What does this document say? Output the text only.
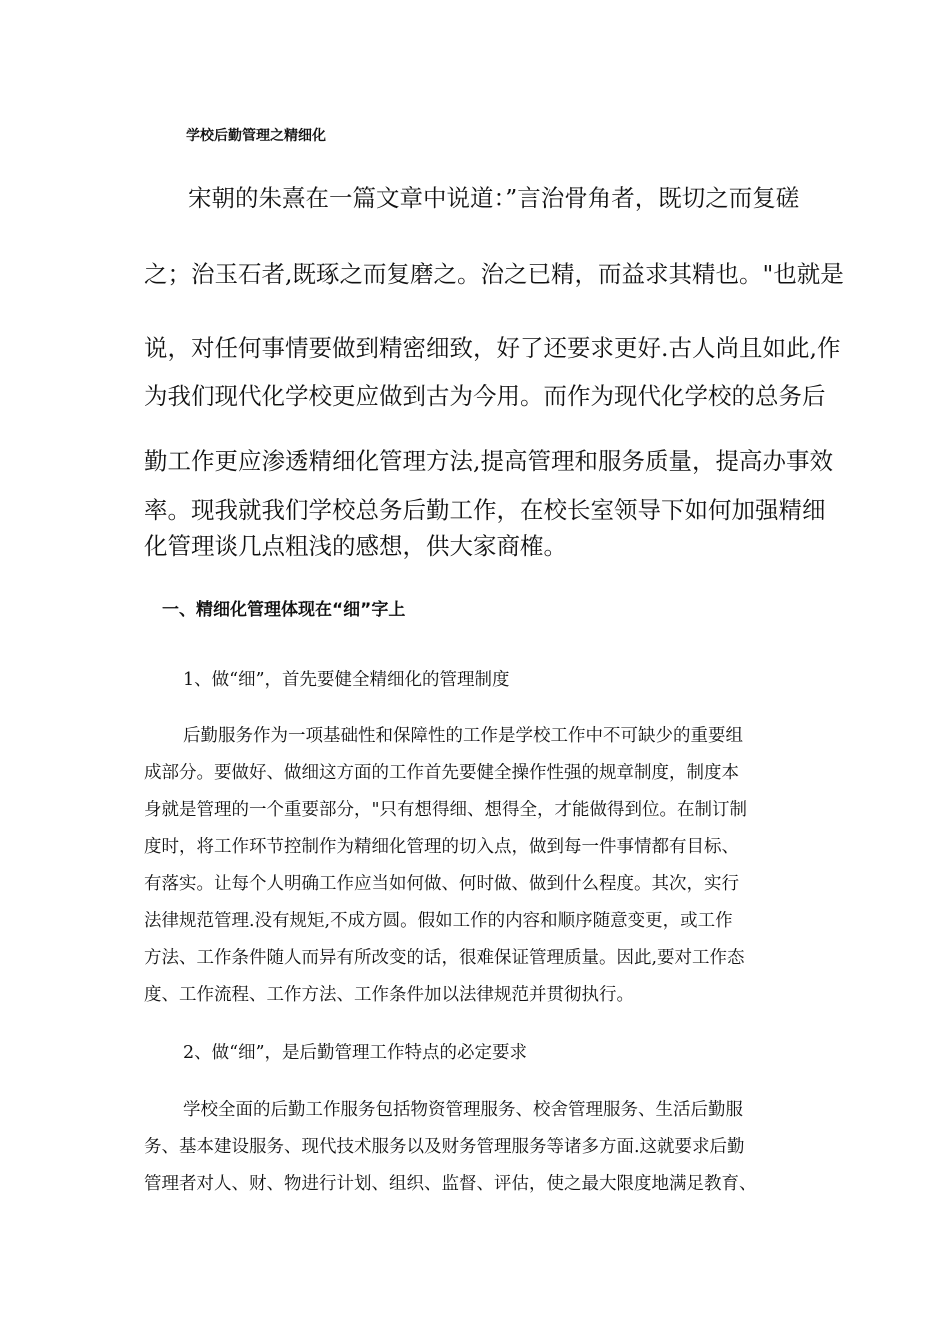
学校后勤管理之精细化
宋朝的朱熹在一篇文章中说道：”言治骨角者，既切之而复磋
之；治玉石者,既琢之而复磨之。治之已精，而益求其精也。"也就是
说，对任何事情要做到精密细致，好了还要求更好.古人尚且如此,作
为我们现代化学校更应做到古为今用。而作为现代化学校的总务后
勤工作更应渗透精细化管理方法,提高管理和服务质量，提高办事效
率。现我就我们学校总务后勤工作，在校长室领导下如何加强精细
化管理谈几点粗浅的感想，供大家商榷。
一、精细化管理体现在“细”字上
1、做“细”，首先要健全精细化的管理制度
后勤服务作为一项基础性和保障性的工作是学校工作中不可缺少的重要组
成部分。要做好、做细这方面的工作首先要健全操作性强的规章制度，制度本
身就是管理的一个重要部分，"只有想得细、想得全，才能做得到位。在制订制
度时，将工作环节控制作为精细化管理的切入点，做到每一件事情都有目标、
有落实。让每个人明确工作应当如何做、何时做、做到什么程度。其次，实行
法律规范管理.没有规矩,不成方圆。假如工作的内容和顺序随意变更，或工作
方法、工作条件随人而异有所改变的话，很难保证管理质量。因此,要对工作态
度、工作流程、工作方法、工作条件加以法律规范并贯彻执行。
2、做“细”，是后勤管理工作特点的必定要求
学校全面的后勤工作服务包括物资管理服务、校舍管理服务、生活后勤服
务、基本建设服务、现代技术服务以及财务管理服务等诸多方面.这就要求后勤
管理者对人、财、物进行计划、组织、监督、评估，使之最大限度地满足教育、
